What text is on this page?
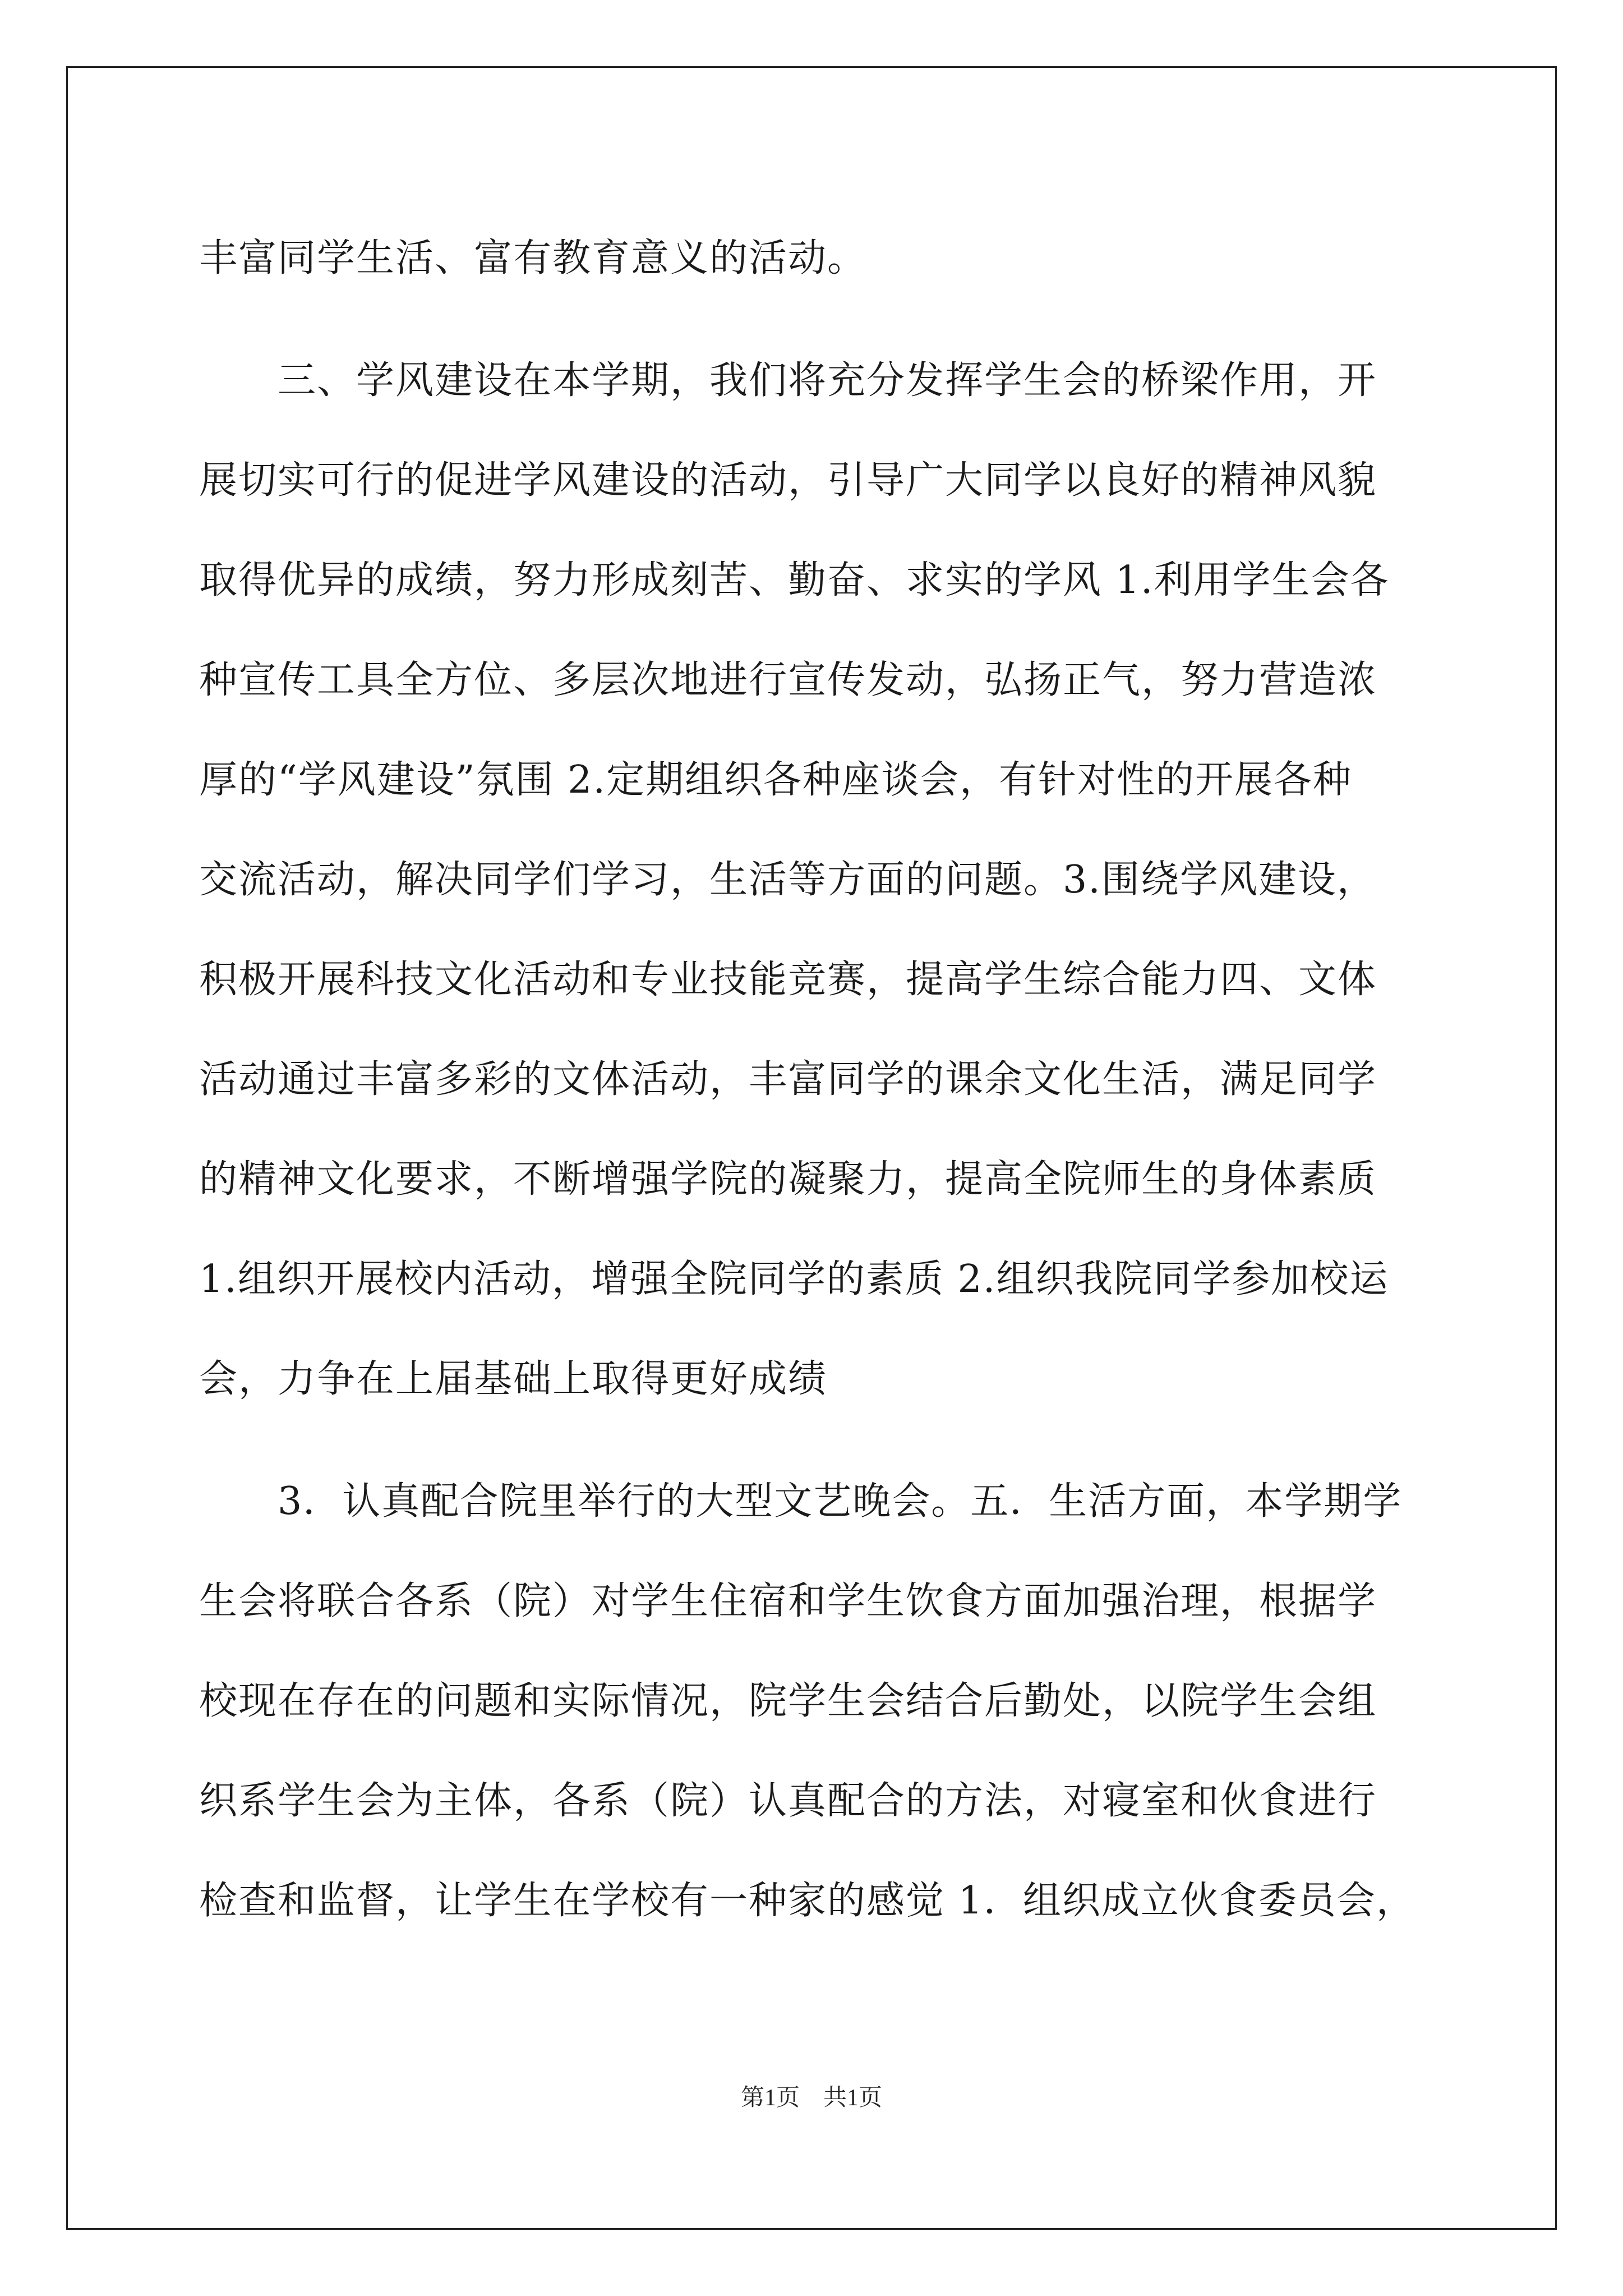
丰富同学生活、富有教育意义的活动。
　　三、学风建设在本学期，我们将充分发挥学生会的桥梁作用，开
展切实可行的促进学风建设的活动，引导广大同学以良好的精神风貌
取得优异的成绩，努力形成刻苦、勤奋、求实的学风 1.利用学生会各
种宣传工具全方位、多层次地进行宣传发动，弘扬正气，努力营造浓
厚的“学风建设”氛围 2.定期组织各种座谈会，有针对性的开展各种
交流活动，解决同学们学习，生活等方面的问题。3.围绕学风建设，
积极开展科技文化活动和专业技能竞赛，提高学生综合能力四、文体
活动通过丰富多彩的文体活动，丰富同学的课余文化生活，满足同学
的精神文化要求，不断增强学院的凝聚力，提高全院师生的身体素质
1.组织开展校内活动，增强全院同学的素质 2.组织我院同学参加校运
会，力争在上届基础上取得更好成绩
　　3．认真配合院里举行的大型文艺晚会。五．生活方面，本学期学
生会将联合各系（院）对学生住宿和学生饮食方面加强治理，根据学
校现在存在的问题和实际情况，院学生会结合后勤处，以院学生会组
织系学生会为主体，各系（院）认真配合的方法，对寝室和伙食进行
检查和监督，让学生在学校有一种家的感觉 1．组织成立伙食委员会，
第1页　共1页
